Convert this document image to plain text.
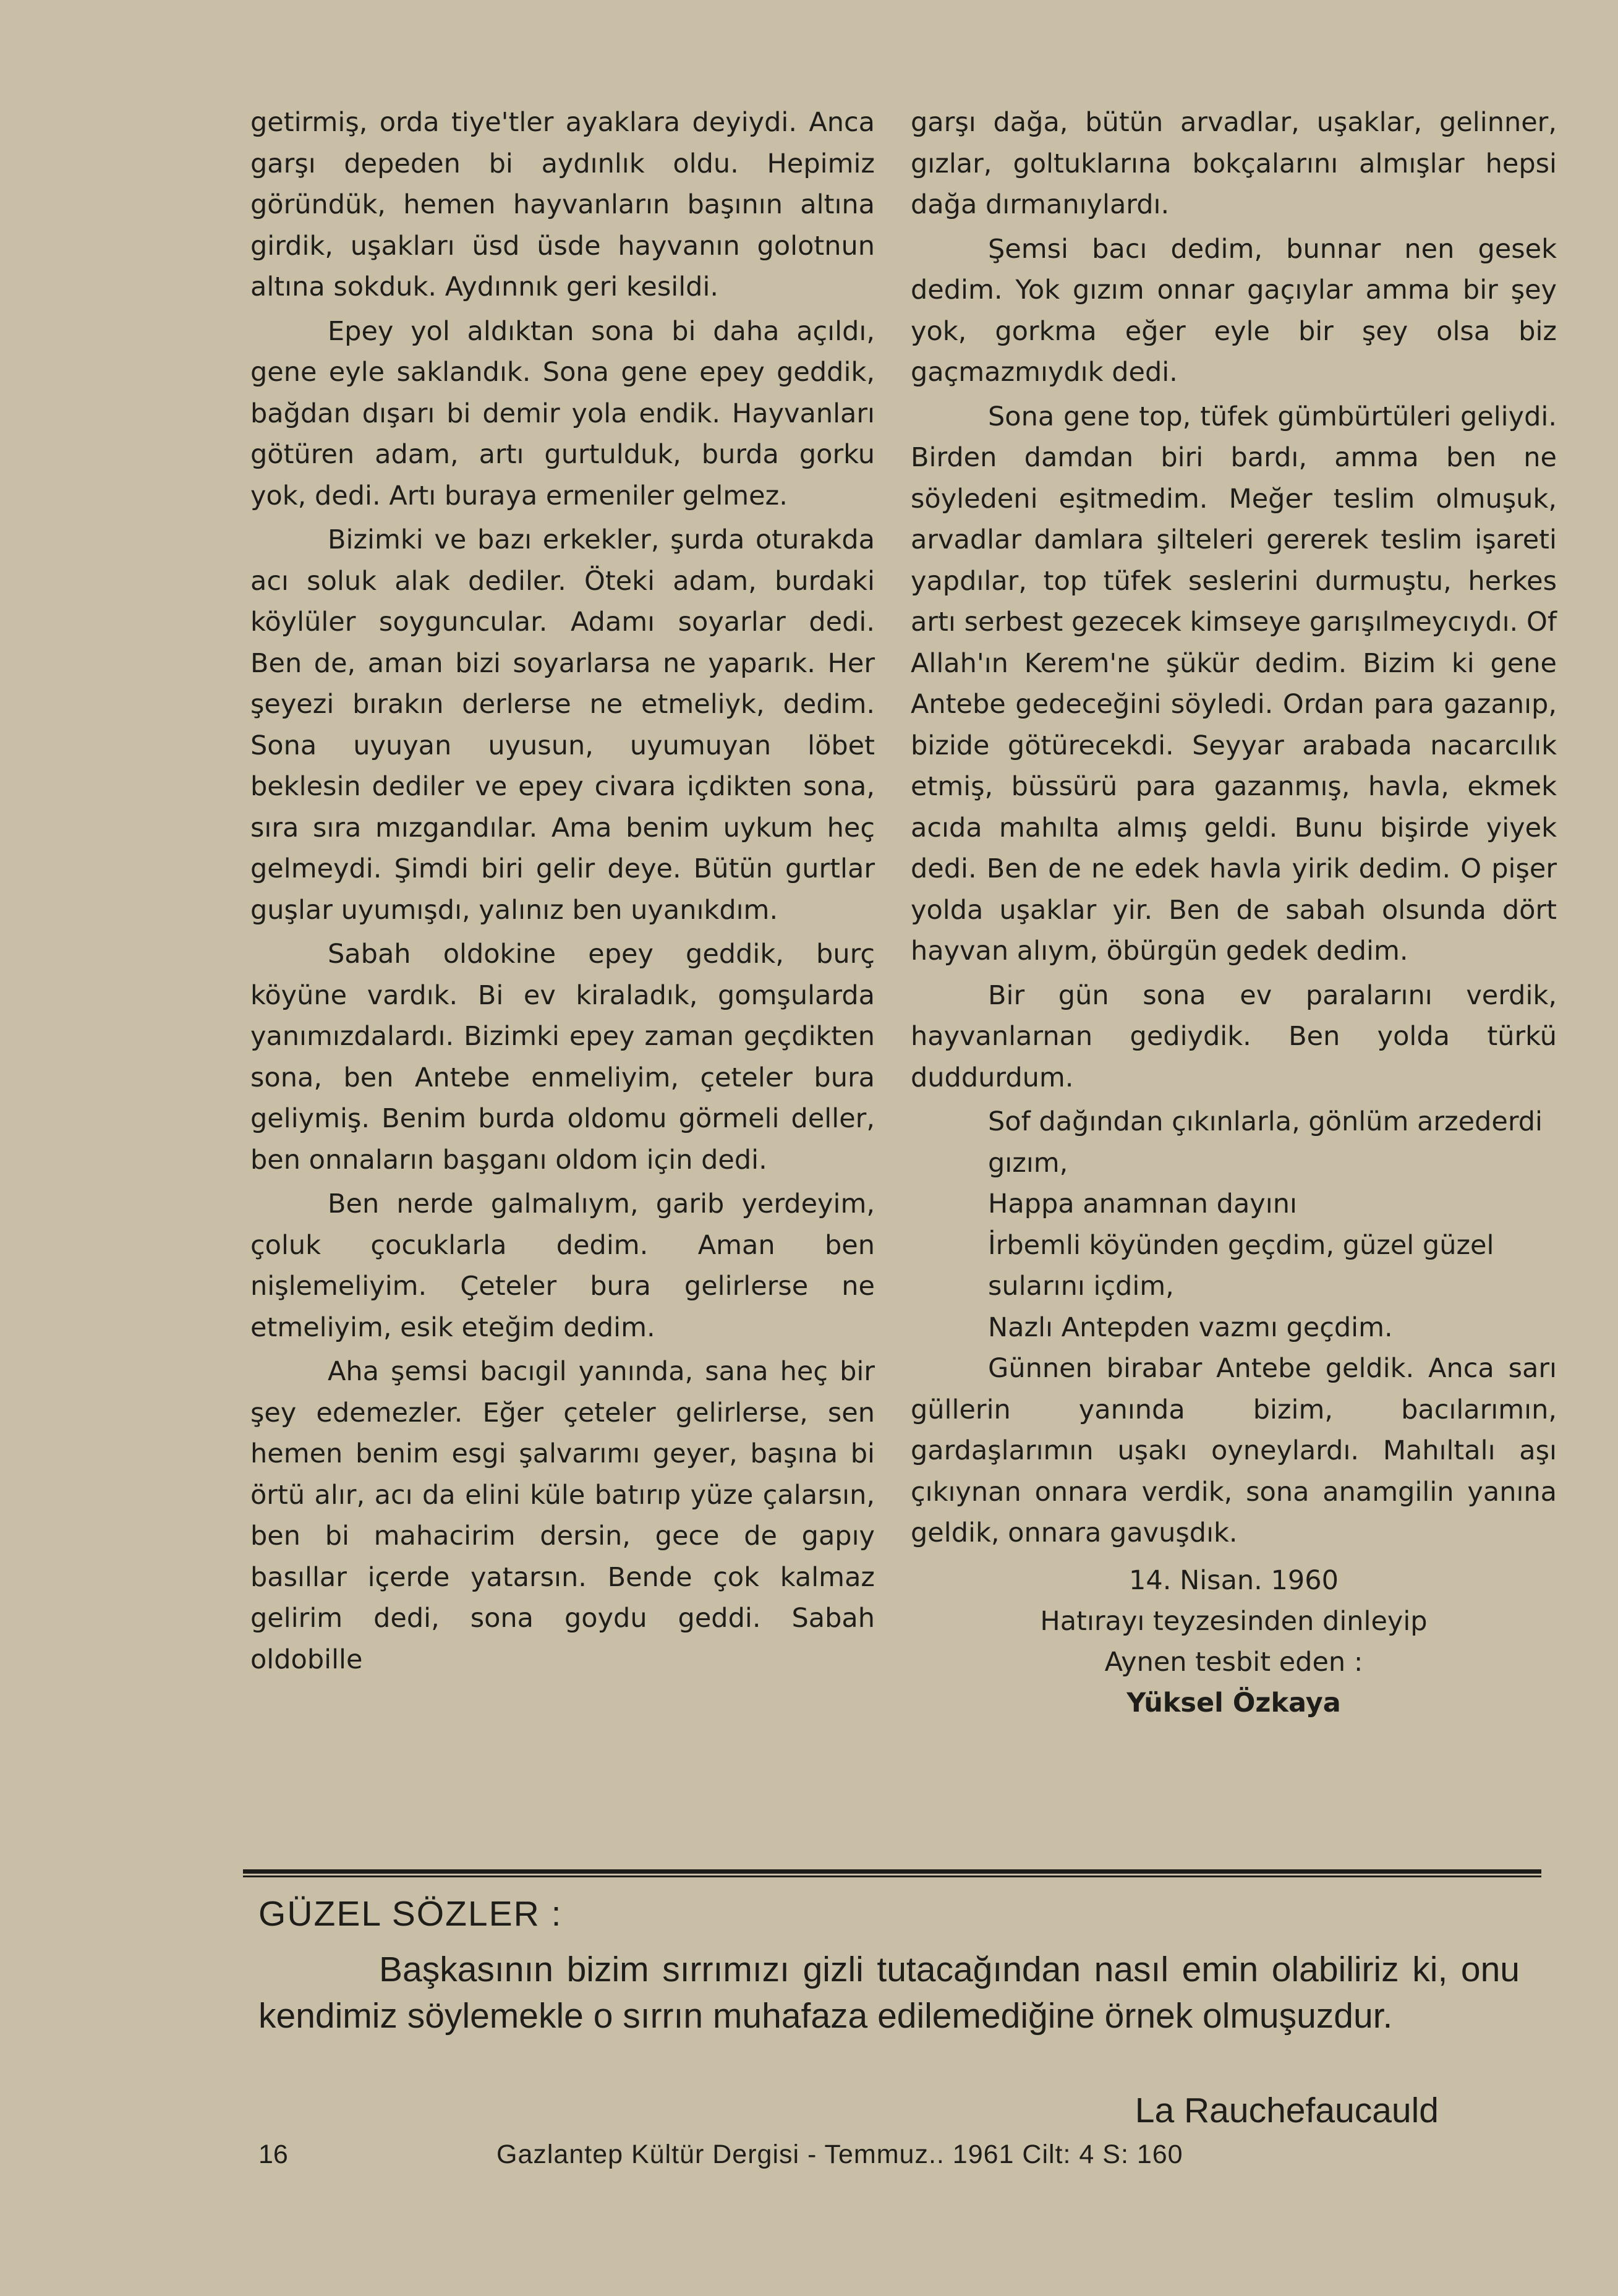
getirmiş, orda tiye'tler ayaklara deyiydi. Anca garşı depeden bi aydınlık oldu. Hepimiz göründük, hemen hayvanların başının altına girdik, uşakları üsd üsde hayvanın golotnun altına sokduk. Aydınnık geri kesildi.

Epey yol aldıktan sona bi daha açıldı, gene eyle saklandık. Sona gene epey geddik, bağdan dışarı bi demir yola endik. Hayvanları götüren adam, artı gurtulduk, burda gorku yok, dedi. Artı buraya ermeniler gelmez.

Bizimki ve bazı erkekler, şurda oturakda acı soluk alak dediler. Öteki adam, burdaki köylüler soyguncular. Adamı soyarlar dedi. Ben de, aman bizi soyarlarsa ne yaparık. Her şeyezi bırakın derlerse ne etmeliyk, dedim. Sona uyuyan uyusun, uyumuyan löbet beklesin dediler ve epey civara içdikten sona, sıra sıra mızgandılar. Ama benim uykum heç gelmeydi. Şimdi biri gelir deye. Bütün gurtlar guşlar uyumışdı, yalınız ben uyanıkdım.

Sabah oldokine epey geddik, burç köyüne vardık. Bi ev kiraladık, gomşularda yanımızdalardı. Bizimki epey zaman geçdikten sona, ben Antebe enmeliyim, çeteler bura geliymiş. Benim burda oldomu görmeli deller, ben onnaların başganı oldom için dedi.

Ben nerde galmalıym, garib yerdeyim, çoluk çocuklarla dedim. Aman ben nişlemeliyim. Çeteler bura gelirlerse ne etmeliyim, esik eteğim dedim.

Aha şemsi bacıgil yanında, sana heç bir şey edemezler. Eğer çeteler gelirlerse, sen hemen benim esgi şalvarımı geyer, başına bi örtü alır, acı da elini küle batırıp yüze çalarsın, ben bi mahacirim dersin, gece de gapıy basıllar içerde yatarsın. Bende çok kalmaz gelirim dedi, sona goydu geddi. Sabah oldobille

garşı dağa, bütün arvadlar, uşaklar, gelinner, gızlar, goltuklarına bokçalarını almışlar hepsi dağa dırmanıylardı.

Şemsi bacı dedim, bunnar nen gesek dedim. Yok gızım onnar gaçıylar amma bir şey yok, gorkma eğer eyle bir şey olsa biz gaçmazmıydık dedi.

Sona gene top, tüfek gümbürtüleri geliydi. Birden damdan biri bardı, amma ben ne söyledeni eşitmedim. Meğer teslim olmuşuk, arvadlar damlara şilteleri gererek teslim işareti yapdılar, top tüfek seslerini durmuştu, herkes artı serbest gezecek kimseye garışılmeycıydı. Of Allah'ın Kerem'ne şükür dedim. Bizim ki gene Antebe gedeceğini söyledi. Ordan para gazanıp, bizide götürecekdi. Seyyar arabada nacarcılık etmiş, büssürü para gazanmış, havla, ekmek acıda mahılta almış geldi. Bunu bişirde yiyek dedi. Ben de ne edek havla yirik dedim. O pişer yolda uşaklar yir. Ben de sabah olsunda dört hayvan alıym, öbürgün gedek dedim.

Bir gün sona ev paralarını verdik, hayvanlarnan gediydik. Ben yolda türkü duddurdum.

Sof dağından çıkınlarla, gönlüm arzederdi gızım,
Happa anamnan dayını
İrbemli köyünden geçdim, güzel güzel sularını içdim,
Nazlı Antepden vazmı geçdim.

Günnen birabar Antebe geldik. Anca sarı güllerin yanında bizim, bacılarımın, gardaşlarımın uşakı oyneylardı. Mahıltalı aşı çıkıynan onnara verdik, sona anamgilin yanına geldik, onnara gavuşdık.

14. Nisan. 1960
Hatırayı teyzesinden dinleyip
Aynen tesbit eden :
Yüksel Özkaya
GÜZEL SÖZLER :

Başkasının bizim sırrımızı gizli tutacağından nasıl emin olabiliriz ki, onu kendimiz söylemekle o sırrın muhafaza edilemediğine örnek olmuşuzdur.

La Rauchefaucauld
16	Gazlantep Kültür Dergisi - Temmuz.. 1961 Cilt: 4 S: 160
